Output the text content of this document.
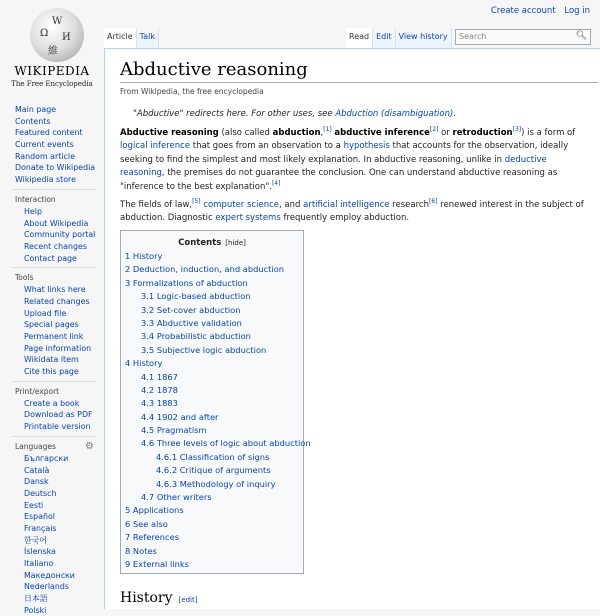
W
Ω И
維
WIKIPEDIA
The Free Encyclopedia
Create account Log in
Article Talk	Read Edit View history
Search	🔍︎
Main page
Contents
Featured content
Current events
Random article
Donate to Wikipedia
Wikipedia store
Interaction
Help
About Wikipedia
Community portal
Recent changes
Contact page
Tools
What links here
Related changes
Upload file
Special pages
Permanent link
Page information
Wikidata item
Cite this page
Print/export
Create a book
Download as PDF
Printable version
Languages	⚙
Български
Català
Dansk
Deutsch
Eesti
Español
Français
한국어
Íslenska
Italiano
Македонски
Nederlands
日本語
Polski
Abductive reasoning
From Wikipedia, the free encyclopedia
"Abductive" redirects here. For other uses, see Abduction (disambiguation).
Abductive reasoning (also called abduction,[1] abductive inference[2] or retroduction[3]) is a form of logical inference that goes from an observation to a hypothesis that accounts for the observation, ideally seeking to find the simplest and most likely explanation. In abductive reasoning, unlike in deductive reasoning, the premises do not guarantee the conclusion. One can understand abductive reasoning as "inference to the best explanation".[4]
The fields of law,[5] computer science, and artificial intelligence research[6] renewed interest in the subject of abduction. Diagnostic expert systems frequently employ abduction.
Contents [hide]
1 History
2 Deduction, induction, and abduction
3 Formalizations of abduction
3.1 Logic-based abduction
3.2 Set-cover abduction
3.3 Abductive validation
3.4 Probabilistic abduction
3.5 Subjective logic abduction
4 History
4.1 1867
4.2 1878
4.3 1883
4.4 1902 and after
4.5 Pragmatism
4.6 Three levels of logic about abduction
4.6.1 Classification of signs
4.6.2 Critique of arguments
4.6.3 Methodology of inquiry
4.7 Other writers
5 Applications
6 See also
7 References
8 Notes
9 External links
History [edit]
